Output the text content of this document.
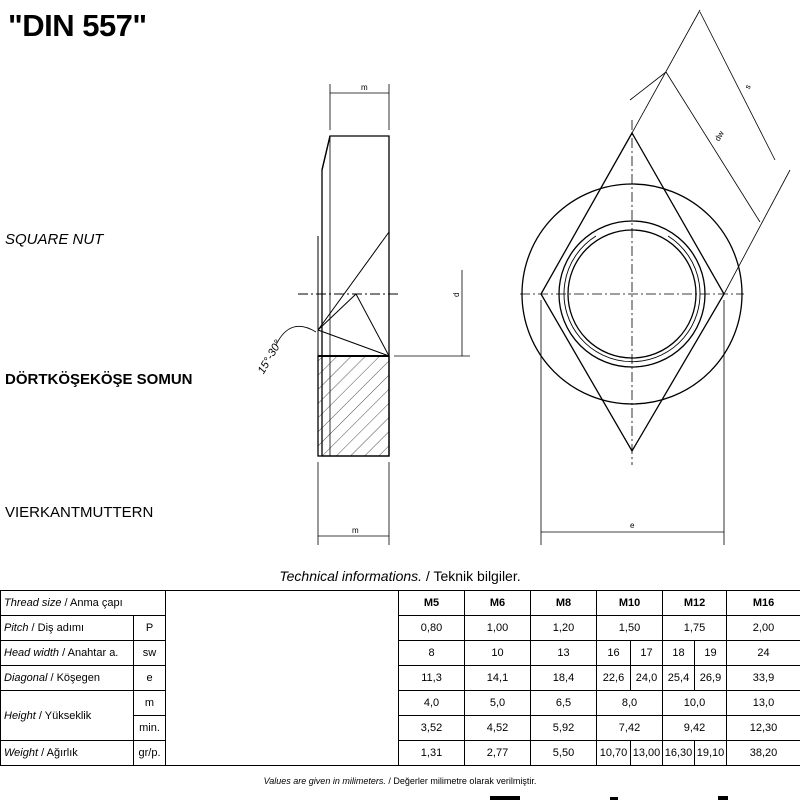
"DIN 557"
SQUARE NUT
DÖRTKÖŞEKÖŞE SOMUN
VIERKANTMUTTERN
m
m
d
e
s
dw
15°-30°
Technical informations. / Teknik bilgiler.
Thread size / Anma çapı			M5	M6	M8	M10		M12		M16
Pitch / Diş adımı	P		0,80	1,00	1,20	1,50		1,75		2,00
Head width / Anahtar a.	sw		8	10	13	16	17	18	19	24
Diagonal / Köşegen	e		11,3	14,1	18,4	22,6	24,0	25,4	26,9	33,9
Height / Yükseklik	m		4,0	5,0	6,5	8,0		10,0		13,0
	min.		3,52	4,52	5,92	7,42		9,42		12,30
Weight / Ağırlık	gr/p.		1,31	2,77	5,50	10,70	13,00	16,30	19,10	38,20
Values are given in milimeters. / Değerler milimetre olarak verilmiştir.
